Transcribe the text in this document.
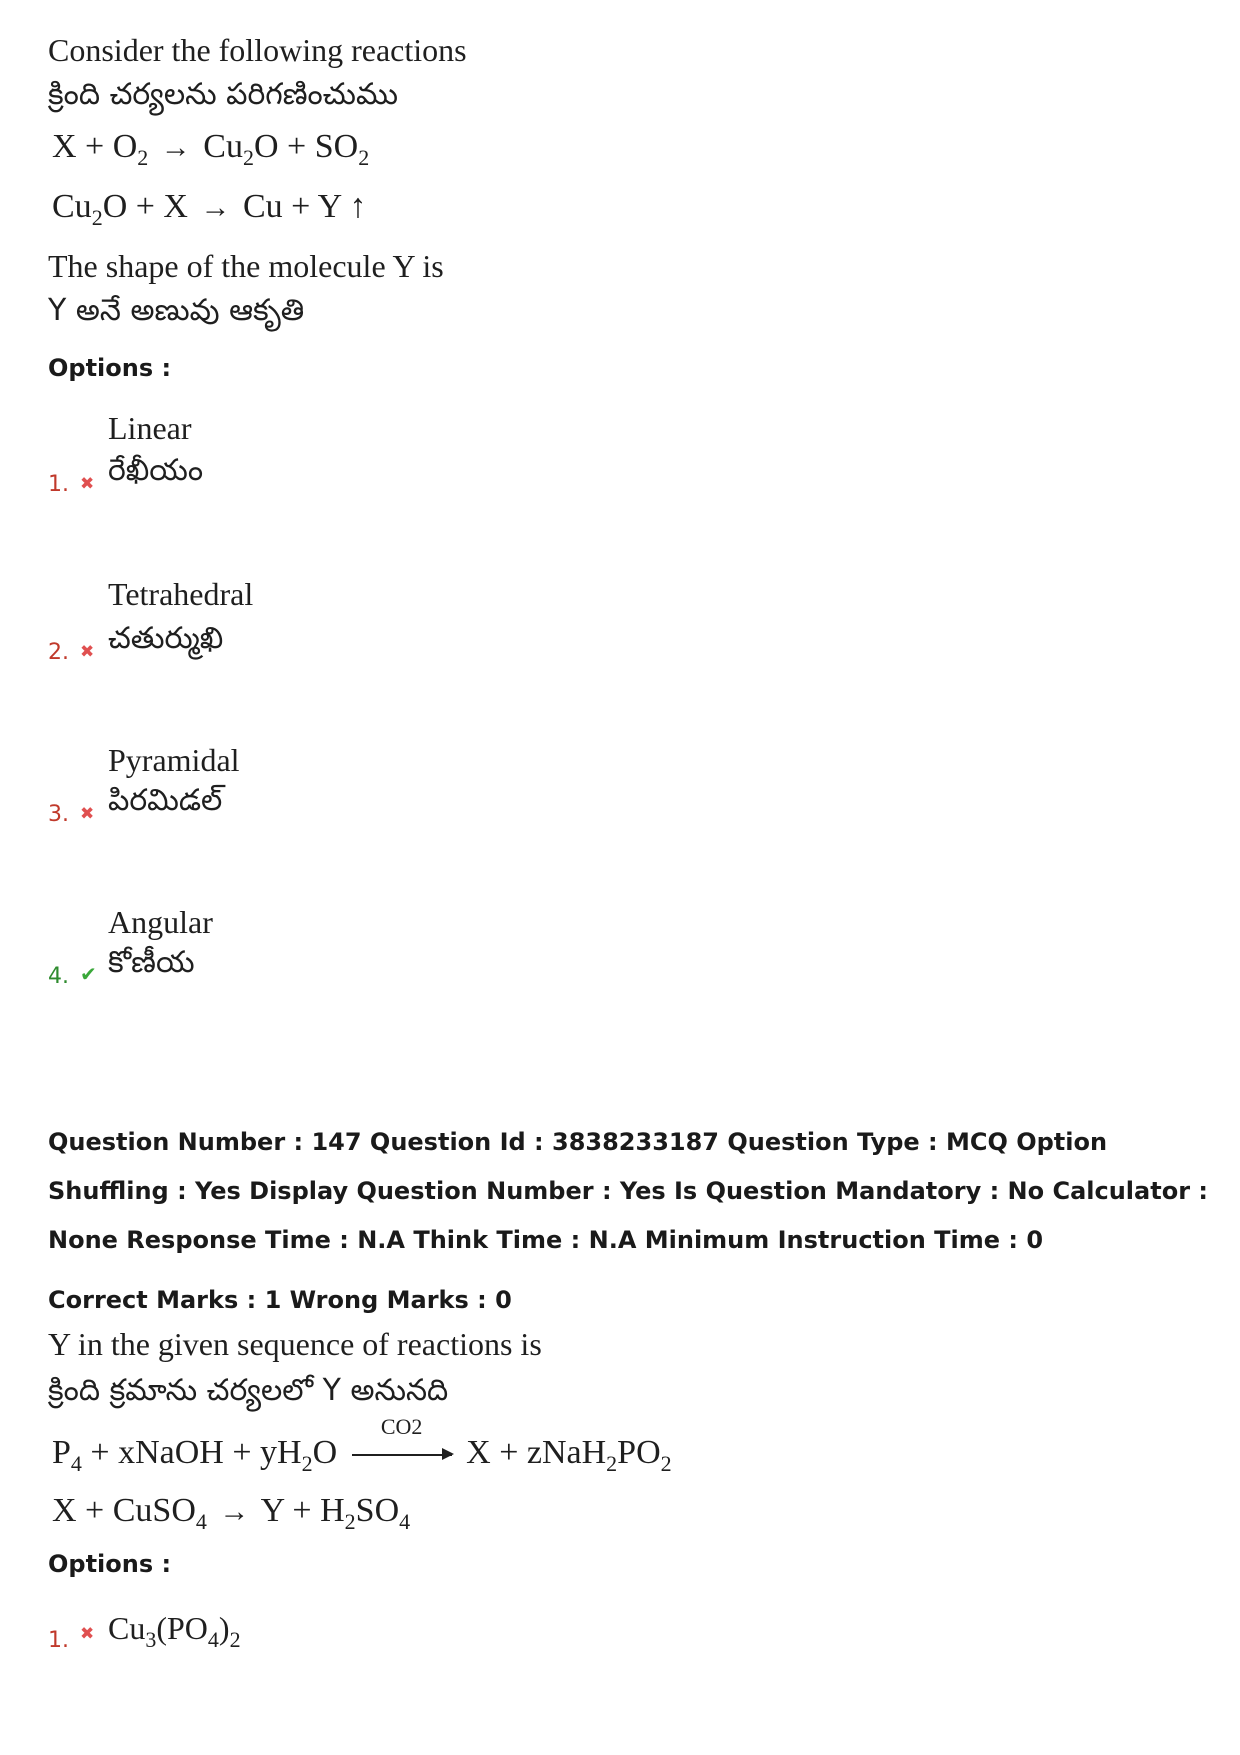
Consider the following reactions
క్రింది చర్యలను పరిగణించుము
$X + O_2 \to Cu_2O + SO_2$
$Cu_2O + X \to Cu + Y$ ↑
The shape of the molecule Y is
Y అనే అణువు ఆకృతి
Options :
Linear
రేఖీయం
1. ✖
Tetrahedral
చతుర్ముఖి
2. ✖
Pyramidal
పిరమిడల్
3. ✖
Angular
కోణీయ
4. ✔
Question Number : 147 Question Id : 3838233187 Question Type : MCQ Option Shuffling : Yes Display Question Number : Yes Is Question Mandatory : No Calculator : None Response Time : N.A Think Time : N.A Minimum Instruction Time : 0
Correct Marks : 1 Wrong Marks : 0
Y in the given sequence of reactions is
క్రింది క్రమాను చర్యలలో Y అనునది
$P_4$ + xNaOH + $yH_2O$
CO2
$X + zNaH_2PO_2$
X + CuSO$_4$ → $Y + H_2SO_4$
Options :
$Cu_3(PO_4)_2$
1. ✖
